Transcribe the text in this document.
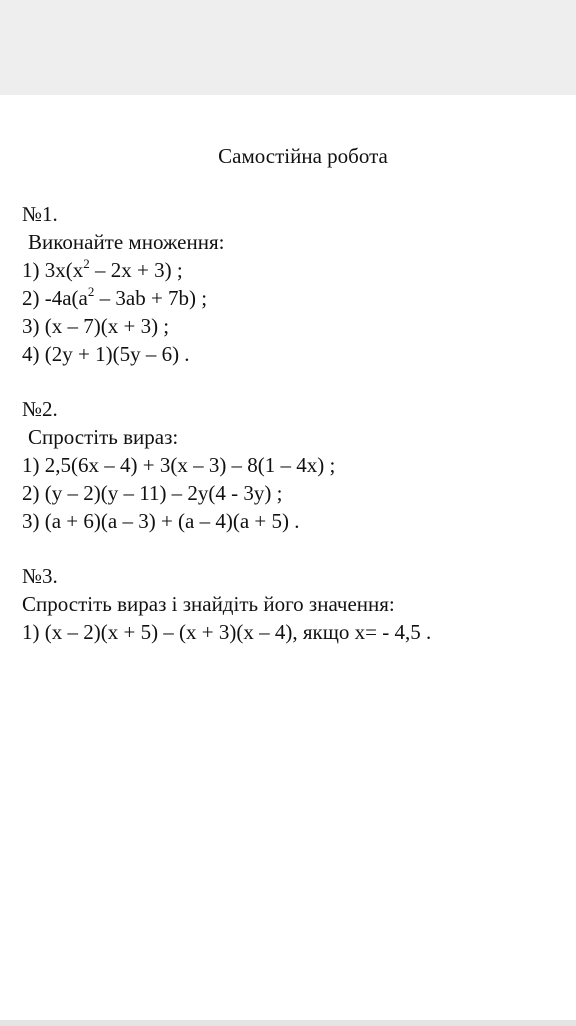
Самостійна робота
№1.
Виконайте множення:
1) $3x(x^2 - 2x + 3)$ ;
2) $-4a(a^2 - 3ab + 7b)$ ;
3) (x – 7)(x + 3) ;
4) (2y + 1)(5y – 6) .
№2.
Спростіть вираз:
1) 2,5(6x – 4) + 3(x – 3) – 8(1 – 4x) ;
2) (y – 2)(y – 11) – 2y(4 - 3y) ;
3) (a + 6)(a – 3) + (a – 4)(a + 5) .
№3.
Спростіть вираз і знайдіть його значення:
1) (x – 2)(x + 5) – (x + 3)(x – 4), якщо x= - 4,5 .
